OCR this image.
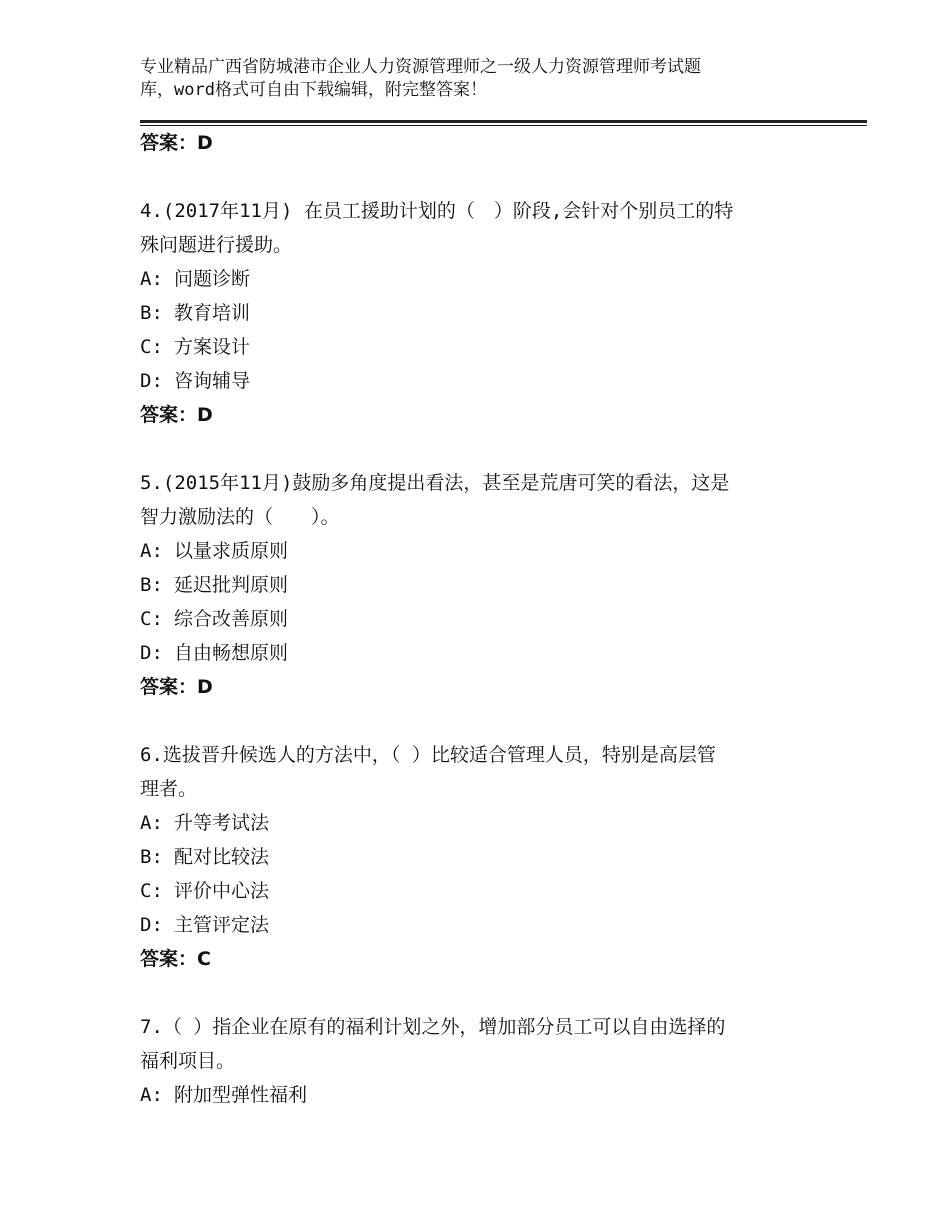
专业精品广西省防城港市企业人力资源管理师之一级人力资源管理师考试题
库，word格式可自由下载编辑，附完整答案！
答案：D
4.(2017年11月) 在员工援助计划的（　）阶段,会针对个别员工的特
殊问题进行援助。
A: 问题诊断
B: 教育培训
C: 方案设计
D: 咨询辅导
答案：D
5.(2015年11月)鼓励多角度提出看法，甚至是荒唐可笑的看法，这是
智力激励法的（　　）。
A: 以量求质原则
B: 延迟批判原则
C: 综合改善原则
D: 自由畅想原则
答案：D
6.选拔晋升候选人的方法中，（ ）比较适合管理人员，特别是高层管
理者。
A: 升等考试法
B: 配对比较法
C: 评价中心法
D: 主管评定法
答案：C
7.（ ）指企业在原有的福利计划之外，增加部分员工可以自由选择的
福利项目。
A: 附加型弹性福利
